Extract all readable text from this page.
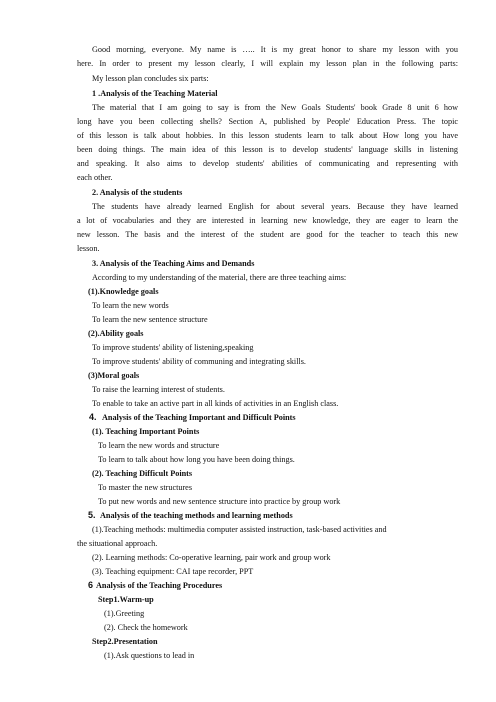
Good morning, everyone. My name is ….. It is my great honor to share my lesson with you
here. In order to present my lesson clearly, I will explain my lesson plan in the following parts:
My lesson plan concludes six parts:
1 .Analysis of the Teaching Material
The material that I am going to say is from the New Goals Students' book Grade 8 unit 6 how
long have you been collecting shells? Section A, published by People' Education Press. The topic
of this lesson is talk about hobbies. In this lesson students learn to talk about How long you have
been doing things. The main idea of this lesson is to develop students' language skills in listening
and speaking. It also aims to develop students' abilities of communicating and representing with
each other.
2. Analysis of the students
The students have already learned English for about several years. Because they have learned
a lot of vocabularies and they are interested in learning new knowledge, they are eager to learn the
new lesson. The basis and the interest of the student are good for the teacher to teach this new
lesson.
3. Analysis of the Teaching Aims and Demands
According to my understanding of the material, there are three teaching aims:
(1).Knowledge goals
To learn the new words
To learn the new sentence structure
(2).Ability goals
To improve students' ability of listening,speaking
To improve students' ability of communing and integrating skills.
(3)Moral goals
To raise the learning interest of students.
To enable to take an active part in all kinds of activities in an English class.
4. Analysis of the Teaching Important and Difficult Points
(1). Teaching Important Points
To learn the new words and structure
To learn to talk about how long you have been doing things.
(2). Teaching Difficult Points
To master the new structures
To put new words and new sentence structure into practice by group work
5. Analysis of the teaching methods and learning methods
(1).Teaching methods: multimedia computer assisted instruction, task-based activities and
the situational approach.
(2). Learning methods: Co-operative learning, pair work and group work
(3). Teaching equipment: CAI tape recorder, PPT
6 Analysis of the Teaching Procedures
Step1.Warm-up
(1).Greeting
(2). Check the homework
Step2.Presentation
(1).Ask questions to lead in
